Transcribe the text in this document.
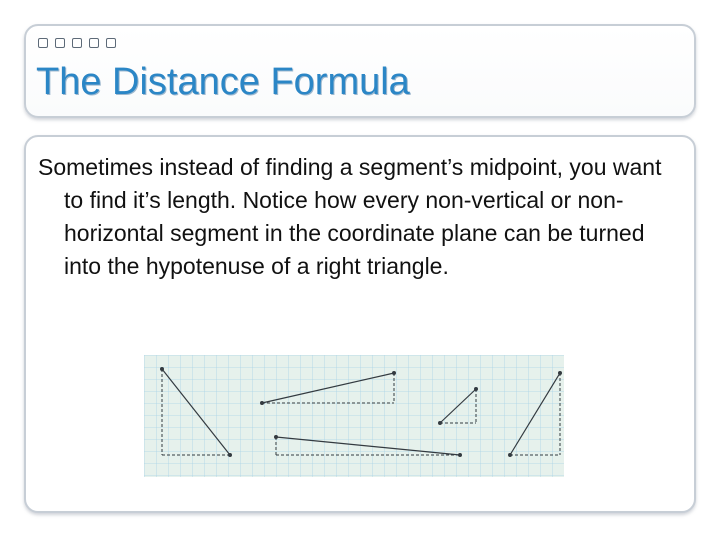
The Distance Formula

Sometimes instead of finding a segment’s midpoint, you want to find it’s length. Notice how every non-vertical or non-horizontal segment in the coordinate plane can be turned into the hypotenuse of a right triangle.
